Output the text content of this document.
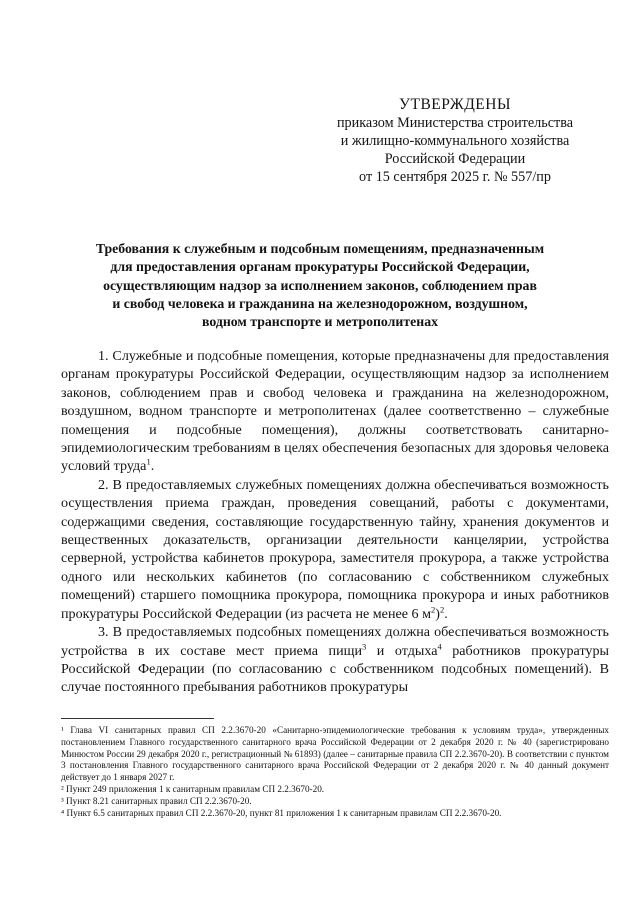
УТВЕРЖДЕНЫ
приказом Министерства строительства
и жилищно-коммунального хозяйства
Российской Федерации
от 15 сентября 2025 г. № 557/пр
Требования к служебным и подсобным помещениям, предназначенным
для предоставления органам прокуратуры Российской Федерации,
осуществляющим надзор за исполнением законов, соблюдением прав
и свобод человека и гражданина на железнодорожном, воздушном,
водном транспорте и метрополитенах

1. Служебные и подсобные помещения, которые предназначены для предоставления органам прокуратуры Российской Федерации, осуществляющим надзор за исполнением законов, соблюдением прав и свобод человека и гражданина на железнодорожном, воздушном, водном транспорте и метрополитенах (далее соответственно – служебные помещения и подсобные помещения), должны соответствовать санитарно-эпидемиологическим требованиям в целях обеспечения безопасных для здоровья человека условий труда$^1$.

2. В предоставляемых служебных помещениях должна обеспечиваться возможность осуществления приема граждан, проведения совещаний, работы с документами, содержащими сведения, составляющие государственную тайну, хранения документов и вещественных доказательств, организации деятельности канцелярии, устройства серверной, устройства кабинетов прокурора, заместителя прокурора, а также устройства одного или нескольких кабинетов (по согласованию с собственником служебных помещений) старшего помощника прокурора, помощника прокурора и иных работников прокуратуры Российской Федерации (из расчета не менее 6 $м^2)^2$.

3. В предоставляемых подсобных помещениях должна обеспечиваться возможность устройства в их составе мест приема пищи$^3$ и отдыха$^4$ работников прокуратуры Российской Федерации (по согласованию с собственником подсобных помещений). В случае постоянного пребывания работников прокуратуры

¹ Глава VI санитарных правил СП 2.2.3670-20 «Санитарно-эпидемиологические требования к условиям труда», утвержденных постановлением Главного государственного санитарного врача Российской Федерации от 2 декабря 2020 г. № 40 (зарегистрировано Минюстом России 29 декабря 2020 г., регистрационный № 61893) (далее – санитарные правила СП 2.2.3670-20). В соответствии с пунктом 3 постановления Главного государственного санитарного врача Российской Федерации от 2 декабря 2020 г. № 40 данный документ действует до 1 января 2027 г.

² Пункт 249 приложения 1 к санитарным правилам СП 2.2.3670-20.

³ Пункт 8.21 санитарных правил СП 2.2.3670-20.

⁴ Пункт 6.5 санитарных правил СП 2.2.3670-20, пункт 81 приложения 1 к санитарным правилам СП 2.2.3670-20.
